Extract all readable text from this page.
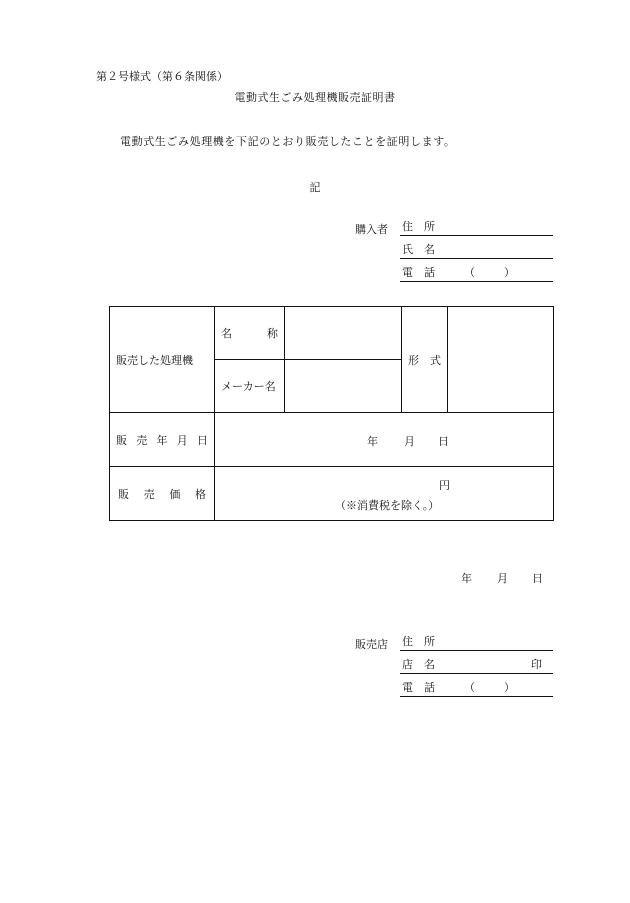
第２号様式（第６条関係）
電動式生ごみ処理機販売証明書
電動式生ごみ処理機を下記のとおり販売したことを証明します。
記
購入者 住　所
氏　名
電　話	（	）
販売した処理機	名 称		形 式	

	メーカー名			

販 売 年 月 日	年 月 日			

販 売 価 格	円
（※消費税を除く。）			
年 月 日
販売店 住　所
店　名	印
電　話	（	）
